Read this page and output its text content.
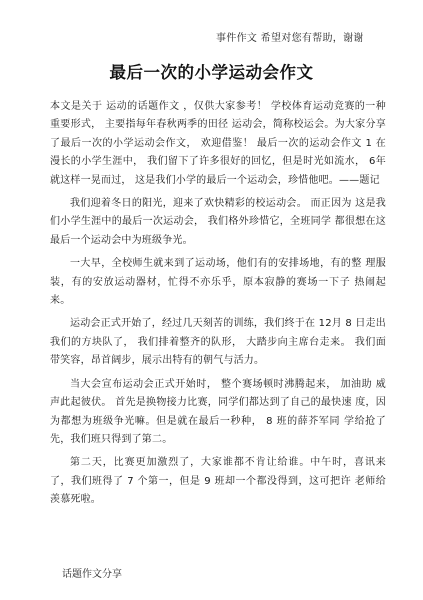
事件作文 希望对您有帮助，谢谢
最后一次的小学运动会作文

本文是关于 运动的话题作文 ，仅供大家参考！ 学校体育运动竞赛的一种重要形式， 主要指每年春秋两季的田径 运动会，简称校运会。为大家分享了最后一次的小学运动会作文， 欢迎借鉴！ 最后一次的运动会作文 1 在漫长的小学生涯中， 我们留下了许多很好的回忆，但是时光如流水， 6年就这样一晃而过， 这是我们小学的最后一个运动会，珍惜他吧。——题记

我们迎着冬日的阳光，迎来了欢快精彩的校运动会。 而正因为 这是我们小学生涯中的最后一次运动会， 我们格外珍惜它，全班同学 都很想在这最后一个运动会中为班级争光。

一大早，全校师生就来到了运动场，他们有的安排场地，有的整 理服装，有的安放运动器材，忙得不亦乐乎，原本寂静的赛场一下子 热闹起来。

运动会正式开始了，经过几天刻苦的训练，我们终于在 12月 8 日走出我们的方块队了， 我们排着整齐的队形， 大踏步向主席台走来。 我们面带笑容，昂首阔步，展示出特有的朝气与活力。

当大会宣布运动会正式开始时， 整个赛场顿时沸腾起来， 加油助 威声此起彼伏。 首先是换物接力比赛，同学们都达到了自己的最快速 度，因为都想为班级争光嘛。但是就在最后一秒种， 8 班的薛芥军同 学给抢了先，我们班只得到了第二。

第二天，比赛更加激烈了，大家谁都不肯让给谁。中午时，喜讯来了，我们班得了 7 个第一，但是 9 班却一个都没得到，这可把许 老师给羡慕死啦。

话题作文分享
